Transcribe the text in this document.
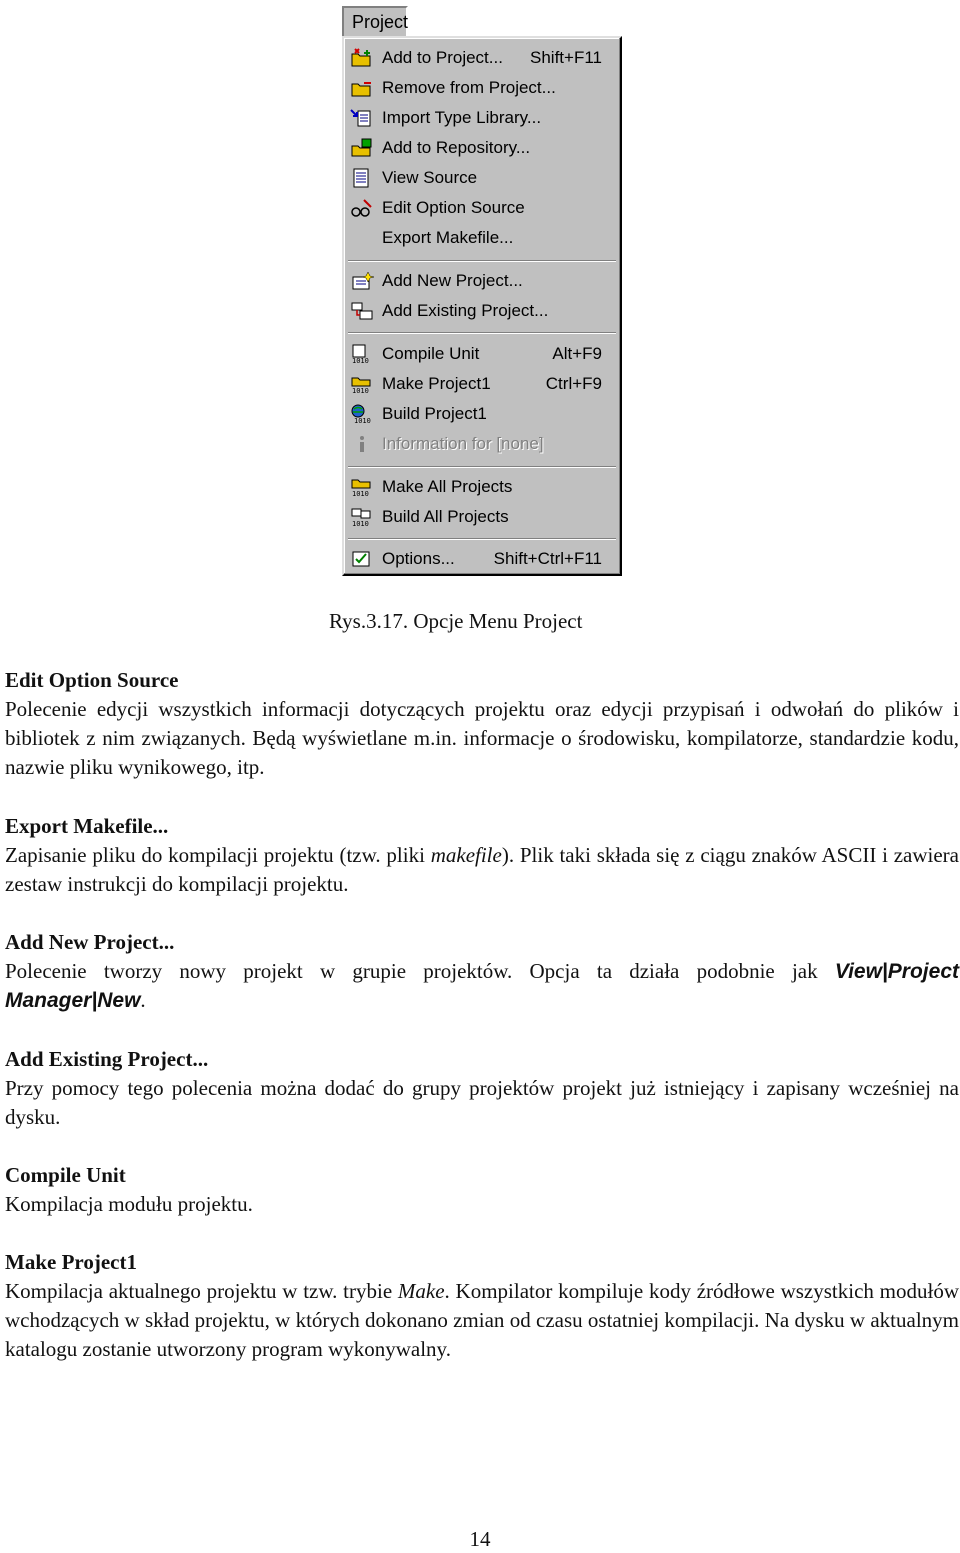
Project
Add to Project... Shift+F11
Remove from Project...
Import Type Library...
Add to Repository...
View Source
Edit Option Source
Export Makefile...
Add New Project...
Add Existing Project...
1010 Compile Unit	Alt+F9
1010 Make Project1	Ctrl+F9
1010 Build Project1
Information for [none]
1010 Make All Projects
1010 Build All Projects
Options... Shift+Ctrl+F11
Rys.3.17. Opcje Menu Project
Edit Option Source
Polecenie edycji wszystkich informacji dotyczących projektu oraz edycji przypisań i odwołań do plików i bibliotek z nim związanych. Będą wyświetlane m.in. informacje o środowisku, kompilatorze, standardzie kodu, nazwie pliku wynikowego, itp.
Export Makefile...
Zapisanie pliku do kompilacji projektu (tzw. pliki makefile). Plik taki składa się z ciągu znaków ASCII i zawiera zestaw instrukcji do kompilacji projektu.
Add New Project...
Polecenie tworzy nowy projekt w grupie projektów. Opcja ta działa podobnie jak View|Project Manager|New.
Add Existing Project...
Przy pomocy tego polecenia można dodać do grupy projektów projekt już istniejący i zapisany wcześniej na dysku.
Compile Unit
Kompilacja modułu projektu.
Make Project1
Kompilacja aktualnego projektu w tzw. trybie Make. Kompilator kompiluje kody źródłowe wszystkich modułów wchodzących w skład projektu, w których dokonano zmian od czasu ostatniej kompilacji. Na dysku w aktualnym katalogu zostanie utworzony program wykonywalny.
14
